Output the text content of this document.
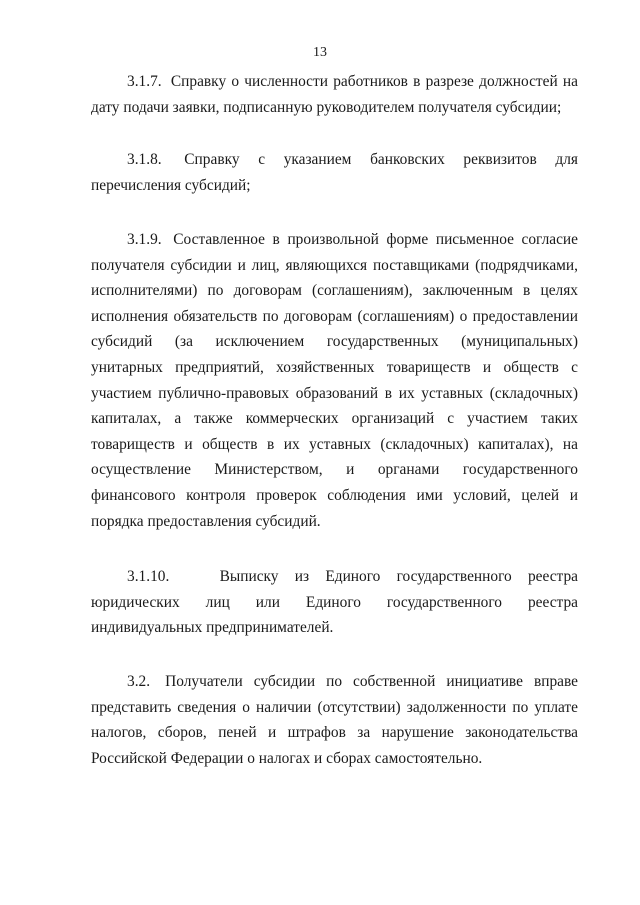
13

3.1.7. Справку о численности работников в разрезе должностей на дату подачи заявки, подписанную руководителем получателя субсидии;

3.1.8. Справку с указанием банковских реквизитов для перечисления субсидий;

3.1.9. Составленное в произвольной форме письменное согласие получателя субсидии и лиц, являющихся поставщиками (подрядчиками, исполнителями) по договорам (соглашениям), заключенным в целях исполнения обязательств по договорам (соглашениям) о предоставлении субсидий (за исключением государственных (муниципальных) унитарных предприятий, хозяйственных товариществ и обществ с участием публично-правовых образований в их уставных (складочных) капиталах, а также коммерческих организаций с участием таких товариществ и обществ в их уставных (складочных) капиталах), на осуществление Министерством, и органами государственного финансового контроля проверок соблюдения ими условий, целей и порядка предоставления субсидий.

3.1.10.	Выписку из Единого государственного реестра юридических лиц или Единого государственного реестра индивидуальных предпринимателей.

3.2. Получатели субсидии по собственной инициативе вправе представить сведения о наличии (отсутствии) задолженности по уплате налогов, сборов, пеней и штрафов за нарушение законодательства Российской Федерации о налогах и сборах самостоятельно.
